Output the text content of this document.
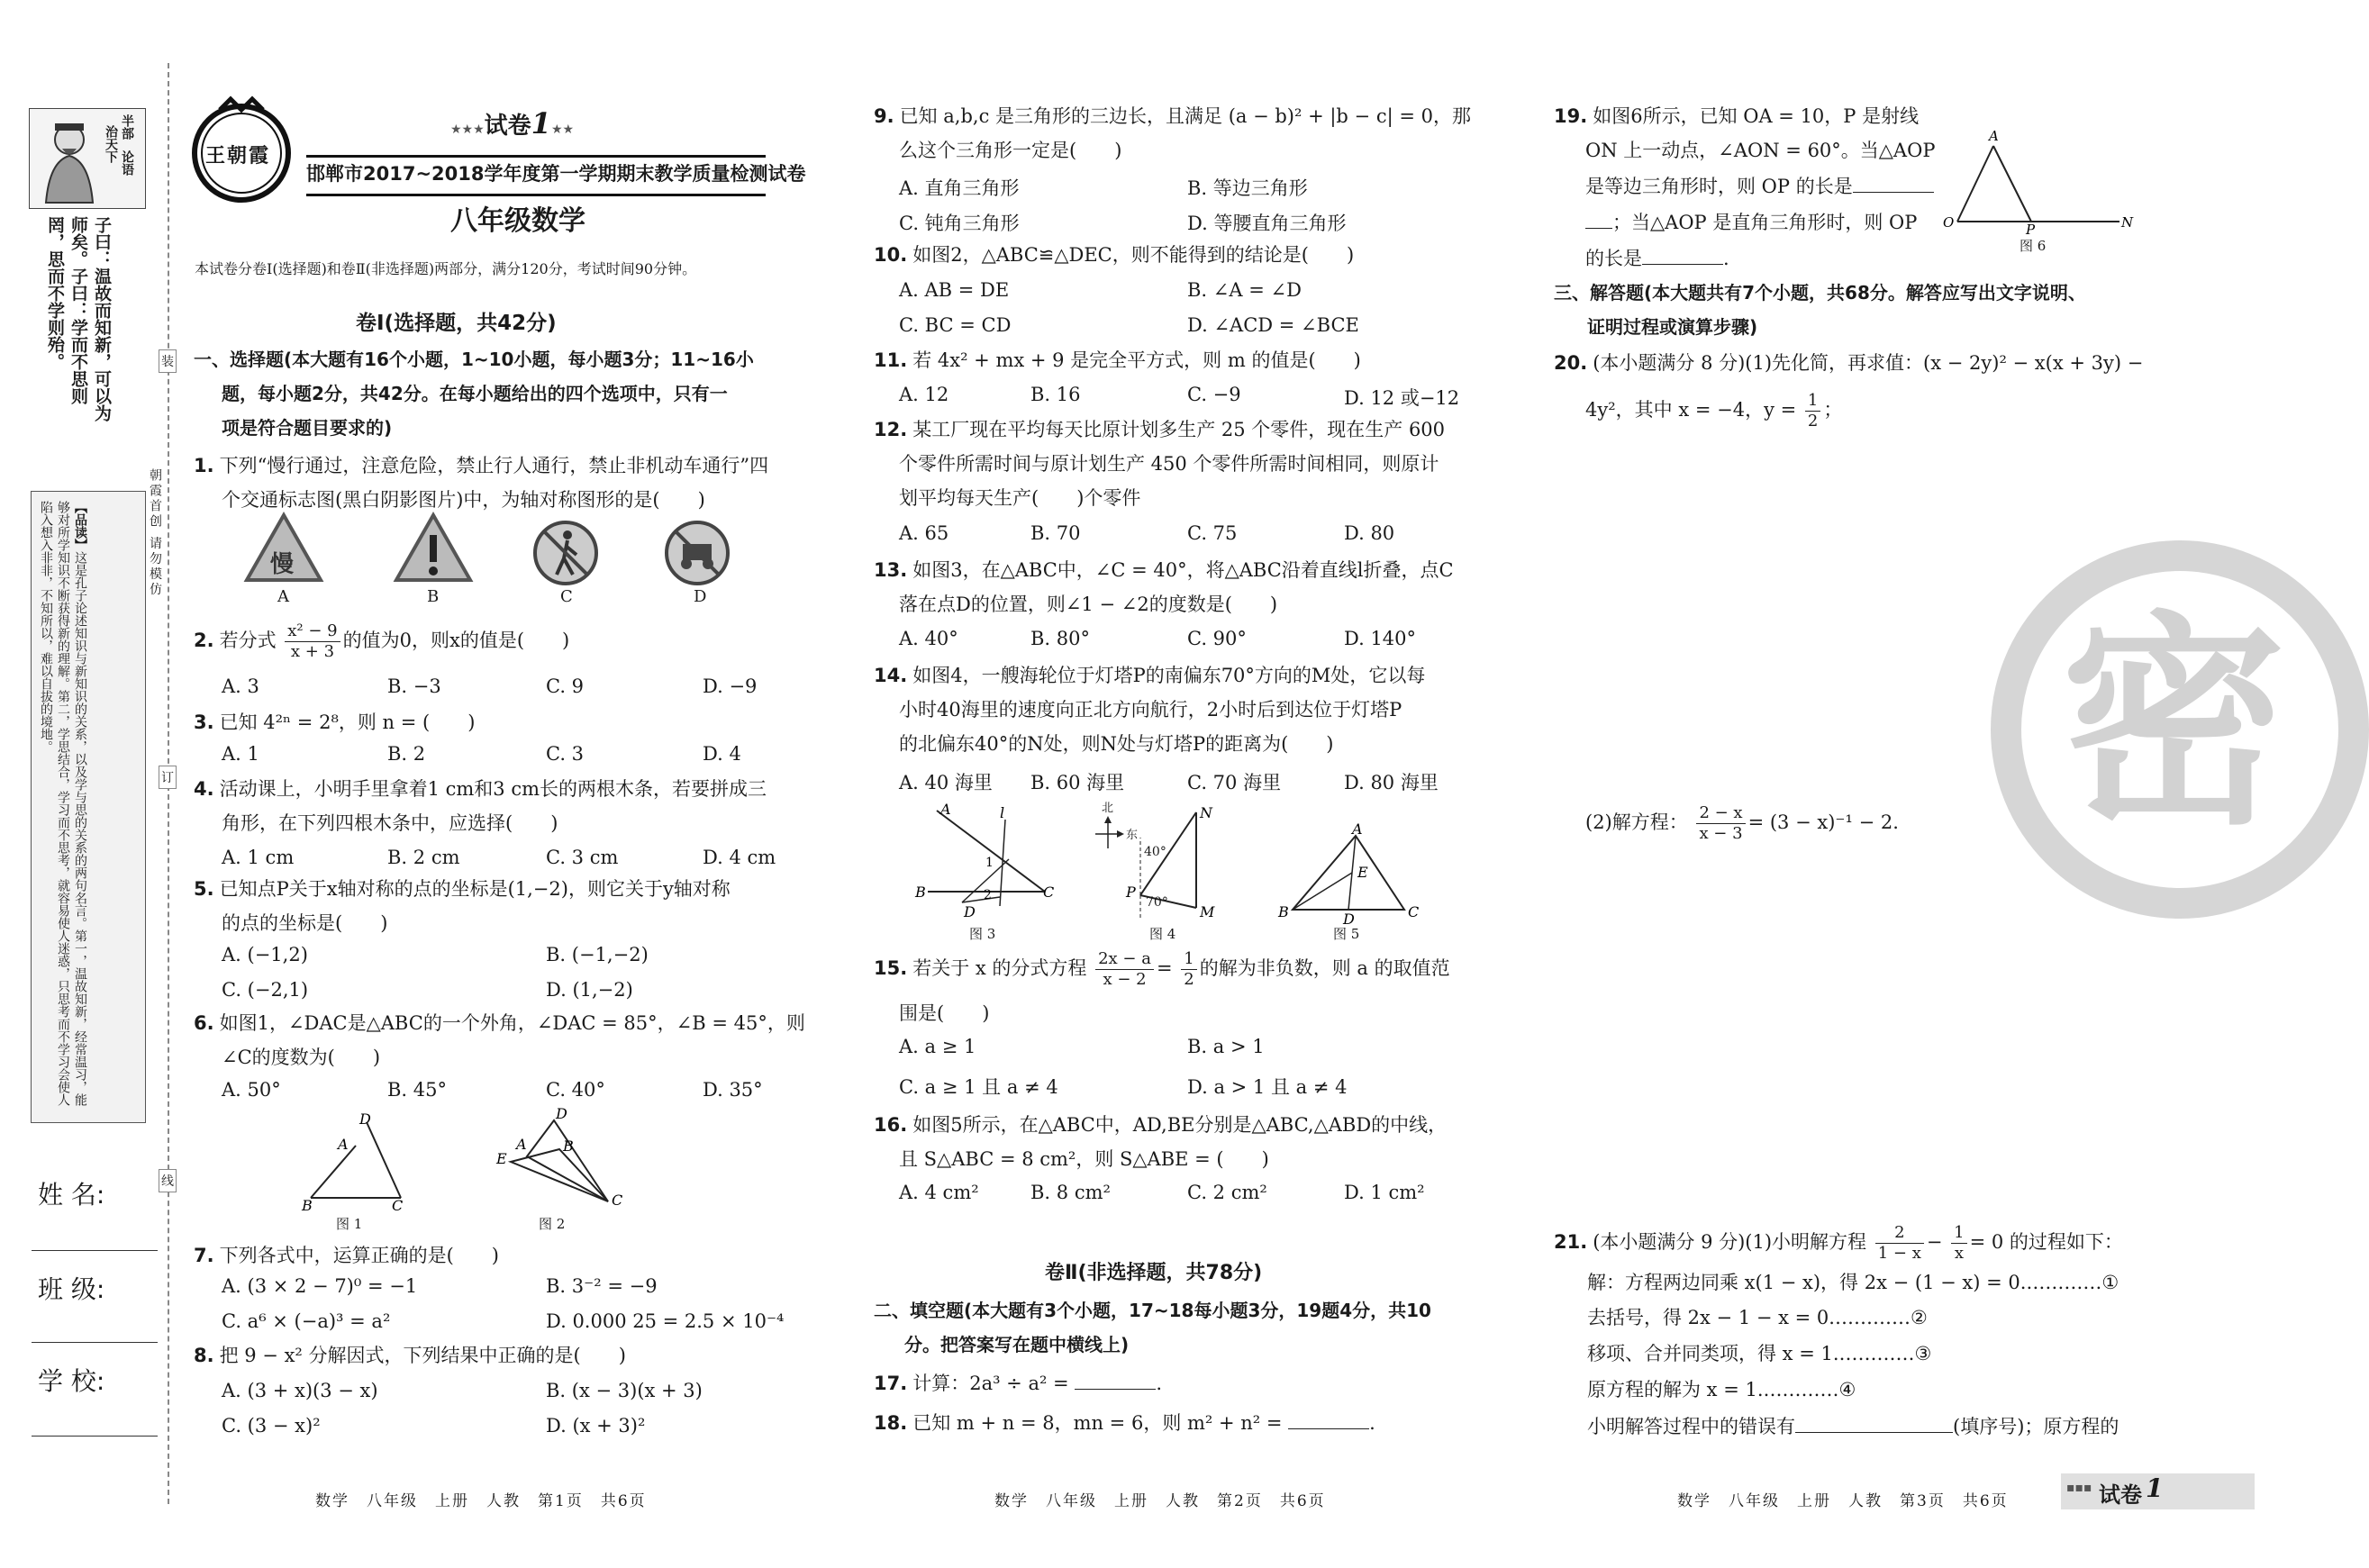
半部
治天下 论语
子曰：温故而知新，可以为师矣。子曰：学而不思则罔，思而不学则殆。
【品读】这是孔子论述知识与新知识的关系，以及学与思的关系的两句名言。第一，温故知新，经常温习，能够对所学知识不断获得新的理解。第二，学思结合，学习而不思考，就容易使人迷惑，只思考而不学习会使人陷入想入非非，不知所以，难以自拔的境地。
姓 名:
班 级:
学 校:
装
订
线
朝霞首创 请勿模仿
王朝霞
★★★试卷1★★
邯郸市2017~2018学年度第一学期期末教学质量检测试卷
八年级数学
本试卷分卷Ⅰ(选择题)和卷Ⅱ(非选择题)两部分，满分120分，考试时间90分钟。
卷Ⅰ(选择题，共42分)
一、选择题(本大题有16个小题，1~10小题，每小题3分；11~16小
题，每小题2分，共42分。在每小题给出的四个选项中，只有一
项是符合题目要求的)
1. 下列“慢行通过，注意危险，禁止行人通行，禁止非机动车通行”四
个交通标志图(黑白阴影图片)中，为轴对称图形的是(　　)
慢
A	B	C	D
2. 若分式 $\frac{\text{x² − 9}}{x + 3}$ 的值为0，则x的值是(　　)
A. 3	B. −3	C. 9	D. −9
3. 已知 4²ⁿ = 2⁸，则 n = (　　)
A. 1	B. 2	C. 3	D. 4
4. 活动课上，小明手里拿着1 cm和3 cm长的两根木条，若要拼成三
角形，在下列四根木条中，应选择(　　)
A. 1 cm	B. 2 cm	C. 3 cm	D. 4 cm
5. 已知点P关于x轴对称的点的坐标是(1,−2)，则它关于y轴对称
的点的坐标是(　　)
A. (−1,2)	B. (−1,−2)
C. (−2,1)	D. (1,−2)
6. 如图1，∠DAC是△ABC的一个外角，∠DAC = 85°，∠B = 45°，则
∠C的度数为(　　)
A. 50°	B. 45°	C. 40°	D. 35°
D
A
B	C
图 1
D
E
A	B
C
图 2
7. 下列各式中，运算正确的是(　　)
A. (3 × 2 − 7)⁰ = −1	B. 3⁻² = −9
C. a⁶ × (−a)³ = a²	D. 0.000 25 = 2.5 × 10⁻⁴
8. 把 9 − x² 分解因式，下列结果中正确的是(　　)
A. (3 + x)(3 − x)	B. (x − 3)(x + 3)
C. (3 − x)²	D. (x + 3)²
数学　八年级　上册　人教　第1页　共6页
9. 已知 a,b,c 是三角形的三边长，且满足 (a − b)² + |b − c| = 0，那
么这个三角形一定是(　　)
A. 直角三角形	B. 等边三角形
C. 钝角三角形	D. 等腰直角三角形
10. 如图2，△ABC≌△DEC，则不能得到的结论是(　　)
A. AB = DE	B. ∠A = ∠D
C. BC = CD	D. ∠ACD = ∠BCE
11. 若 4x² + mx + 9 是完全平方式，则 m 的值是(　　)
A. 12	B. 16	C. −9	D. 12 或−12
12. 某工厂现在平均每天比原计划多生产 25 个零件，现在生产 600
个零件所需时间与原计划生产 450 个零件所需时间相同，则原计
划平均每天生产(　　)个零件
A. 65	B. 70	C. 75	D. 80
13. 如图3，在△ABC中，∠C = 40°，将△ABC沿着直线l折叠，点C
落在点D的位置，则∠1 − ∠2的度数是(　　)
A. 40°	B. 80°	C. 90°	D. 140°
14. 如图4，一艘海轮位于灯塔P的南偏东70°方向的M处，它以每
小时40海里的速度向正北方向航行，2小时后到达位于灯塔P
的北偏东40°的N处，则N处与灯塔P的距离为(　　)
A. 40 海里 B. 60 海里	C. 70 海里	D. 80 海里
A	l
1
2
B	C
D
图 3
N
P
M
北
东
40°
70°
图 4
A
B	C
D
E
图 5
15. 若关于 x 的分式方程 $\frac{2x - a}{x - 2} = \frac{1}{2}$ 的解为非负数，则 a 的取值范
围是(　　)
A. a ≥ 1	B. a > 1
C. a ≥ 1 且 a ≠ 4	D. a > 1 且 a ≠ 4
16. 如图5所示，在△ABC中，AD,BE分别是△ABC,△ABD的中线，
且 S△ABC = 8 cm²，则 S△ABE = (　　)
A. 4 cm²	B. 8 cm²	C. 2 cm²	D. 1 cm²
卷Ⅱ(非选择题，共78分)
二、填空题(本大题有3个小题，17~18每小题3分，19题4分，共10
分。把答案写在题中横线上)
17. 计算：2a³ ÷ a² =	.
18. 已知 m + n = 8，mn = 6，则 m² + n² =	.
数学　八年级　上册　人教　第2页　共6页
19. 如图6所示，已知 OA = 10，P 是射线
ON 上一动点，∠AON = 60°。当△AOP
是等边三角形时，则 OP 的长是
；当△AOP 是直角三角形时，则 OP
的长是	.
A
O	P	N
图 6
三、解答题(本大题共有7个小题，共68分。解答应写出文字说明、
证明过程或演算步骤)
20. (本小题满分 8 分)(1)先化简，再求值：(x − 2y)² − x(x + 3y) −
4y²，其中 x = −4，$y = \frac{1}{2}$ ；
(2)解方程： $\frac{2 - x}{x - 3} = (3 - x)^{-1} - 2$.
21. (本小题满分 9 分)(1)小明解方程 $\frac{2}{1 - x} - \frac{1}{x} = 0$ 的过程如下：
解：方程两边同乘 x(1 − x)，得 2x − (1 − x) = 0.…………①
去括号，得 2x − 1 − x = 0.…………②
移项、合并同类项，得 x = 1.…………③
原方程的解为 x = 1.…………④
小明解答过程中的错误有	(填序号)；原方程的
数学　八年级　上册　人教　第3页　共6页
▪▪▪ 试卷 1
密
